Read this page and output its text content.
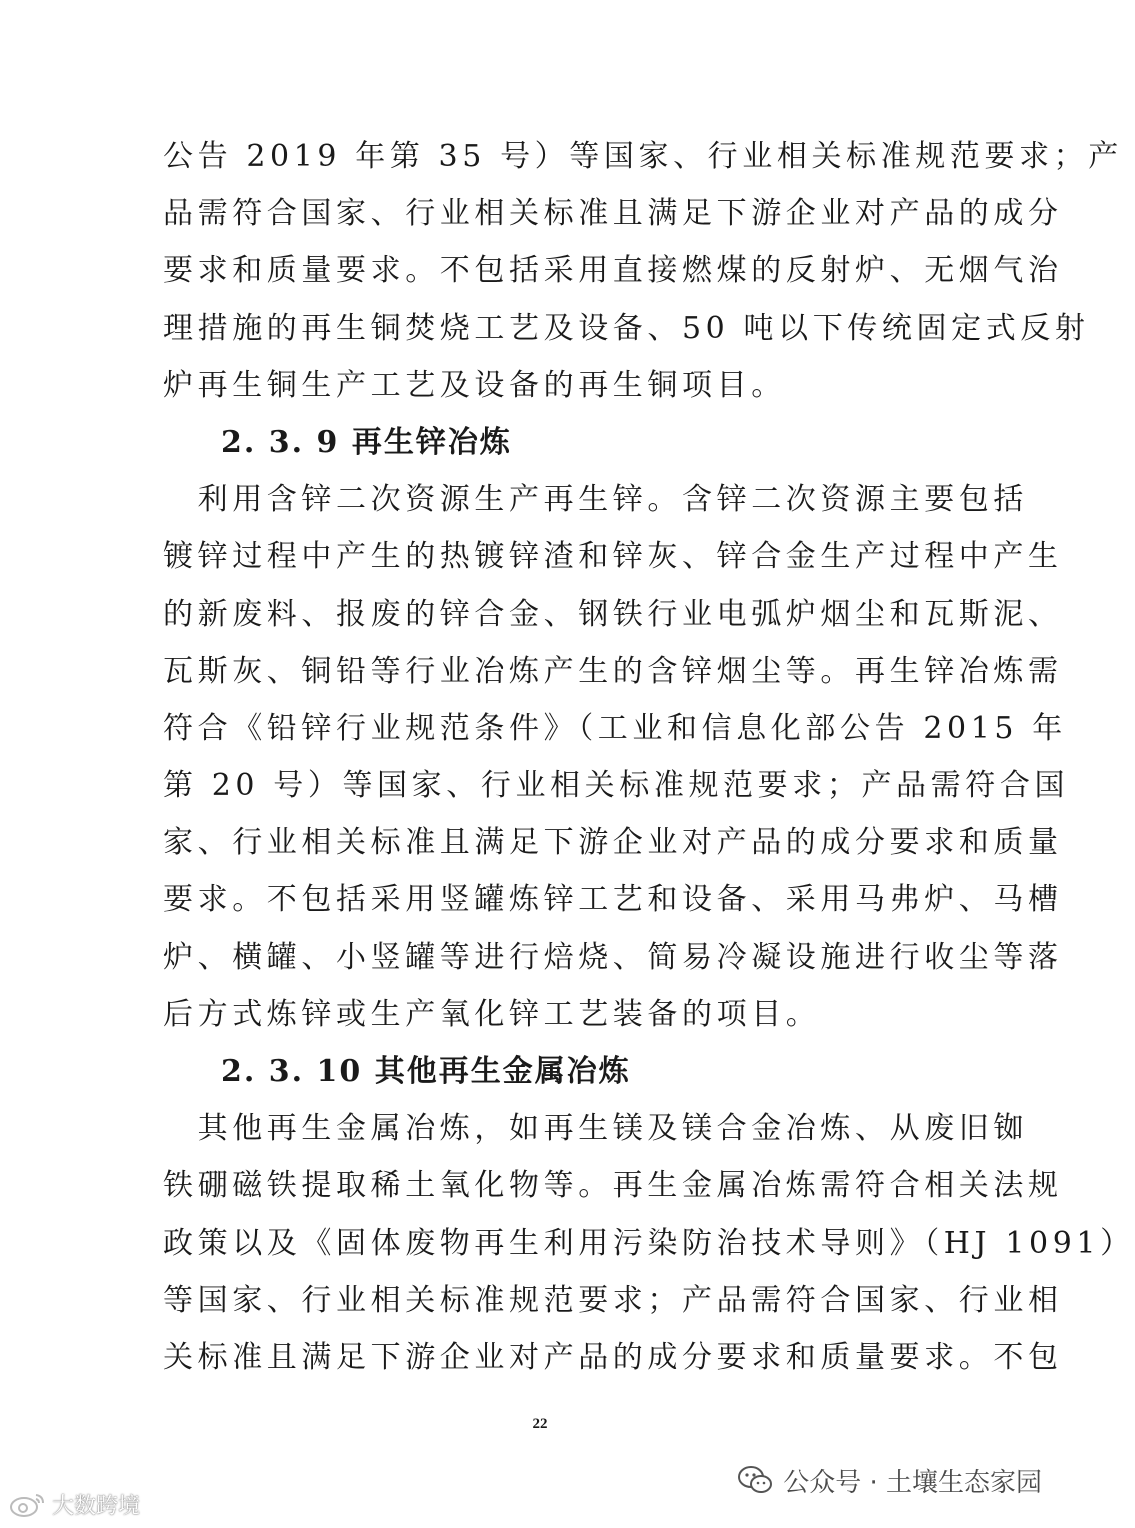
公告 2019 年第 35 号）等国家、行业相关标准规范要求；产
品需符合国家、行业相关标准且满足下游企业对产品的成分
要求和质量要求。不包括采用直接燃煤的反射炉、无烟气治
理措施的再生铜焚烧工艺及设备、50 吨以下传统固定式反射
炉再生铜生产工艺及设备的再生铜项目。
2. 3. 9 再生锌冶炼
　利用含锌二次资源生产再生锌。含锌二次资源主要包括
镀锌过程中产生的热镀锌渣和锌灰、锌合金生产过程中产生
的新废料、报废的锌合金、钢铁行业电弧炉烟尘和瓦斯泥、
瓦斯灰、铜铅等行业冶炼产生的含锌烟尘等。再生锌冶炼需
符合《铅锌行业规范条件》（工业和信息化部公告 2015 年
第 20 号）等国家、行业相关标准规范要求；产品需符合国
家、行业相关标准且满足下游企业对产品的成分要求和质量
要求。不包括采用竖罐炼锌工艺和设备、采用马弗炉、马槽
炉、横罐、小竖罐等进行焙烧、简易冷凝设施进行收尘等落
后方式炼锌或生产氧化锌工艺装备的项目。
2. 3. 10 其他再生金属冶炼
　其他再生金属冶炼，如再生镁及镁合金冶炼、从废旧铷
铁硼磁铁提取稀土氧化物等。再生金属冶炼需符合相关法规
政策以及《固体废物再生利用污染防治技术导则》（HJ 1091）
等国家、行业相关标准规范要求；产品需符合国家、行业相
关标准且满足下游企业对产品的成分要求和质量要求。不包
22
公众号 · 土壤生态家园
大数跨境
